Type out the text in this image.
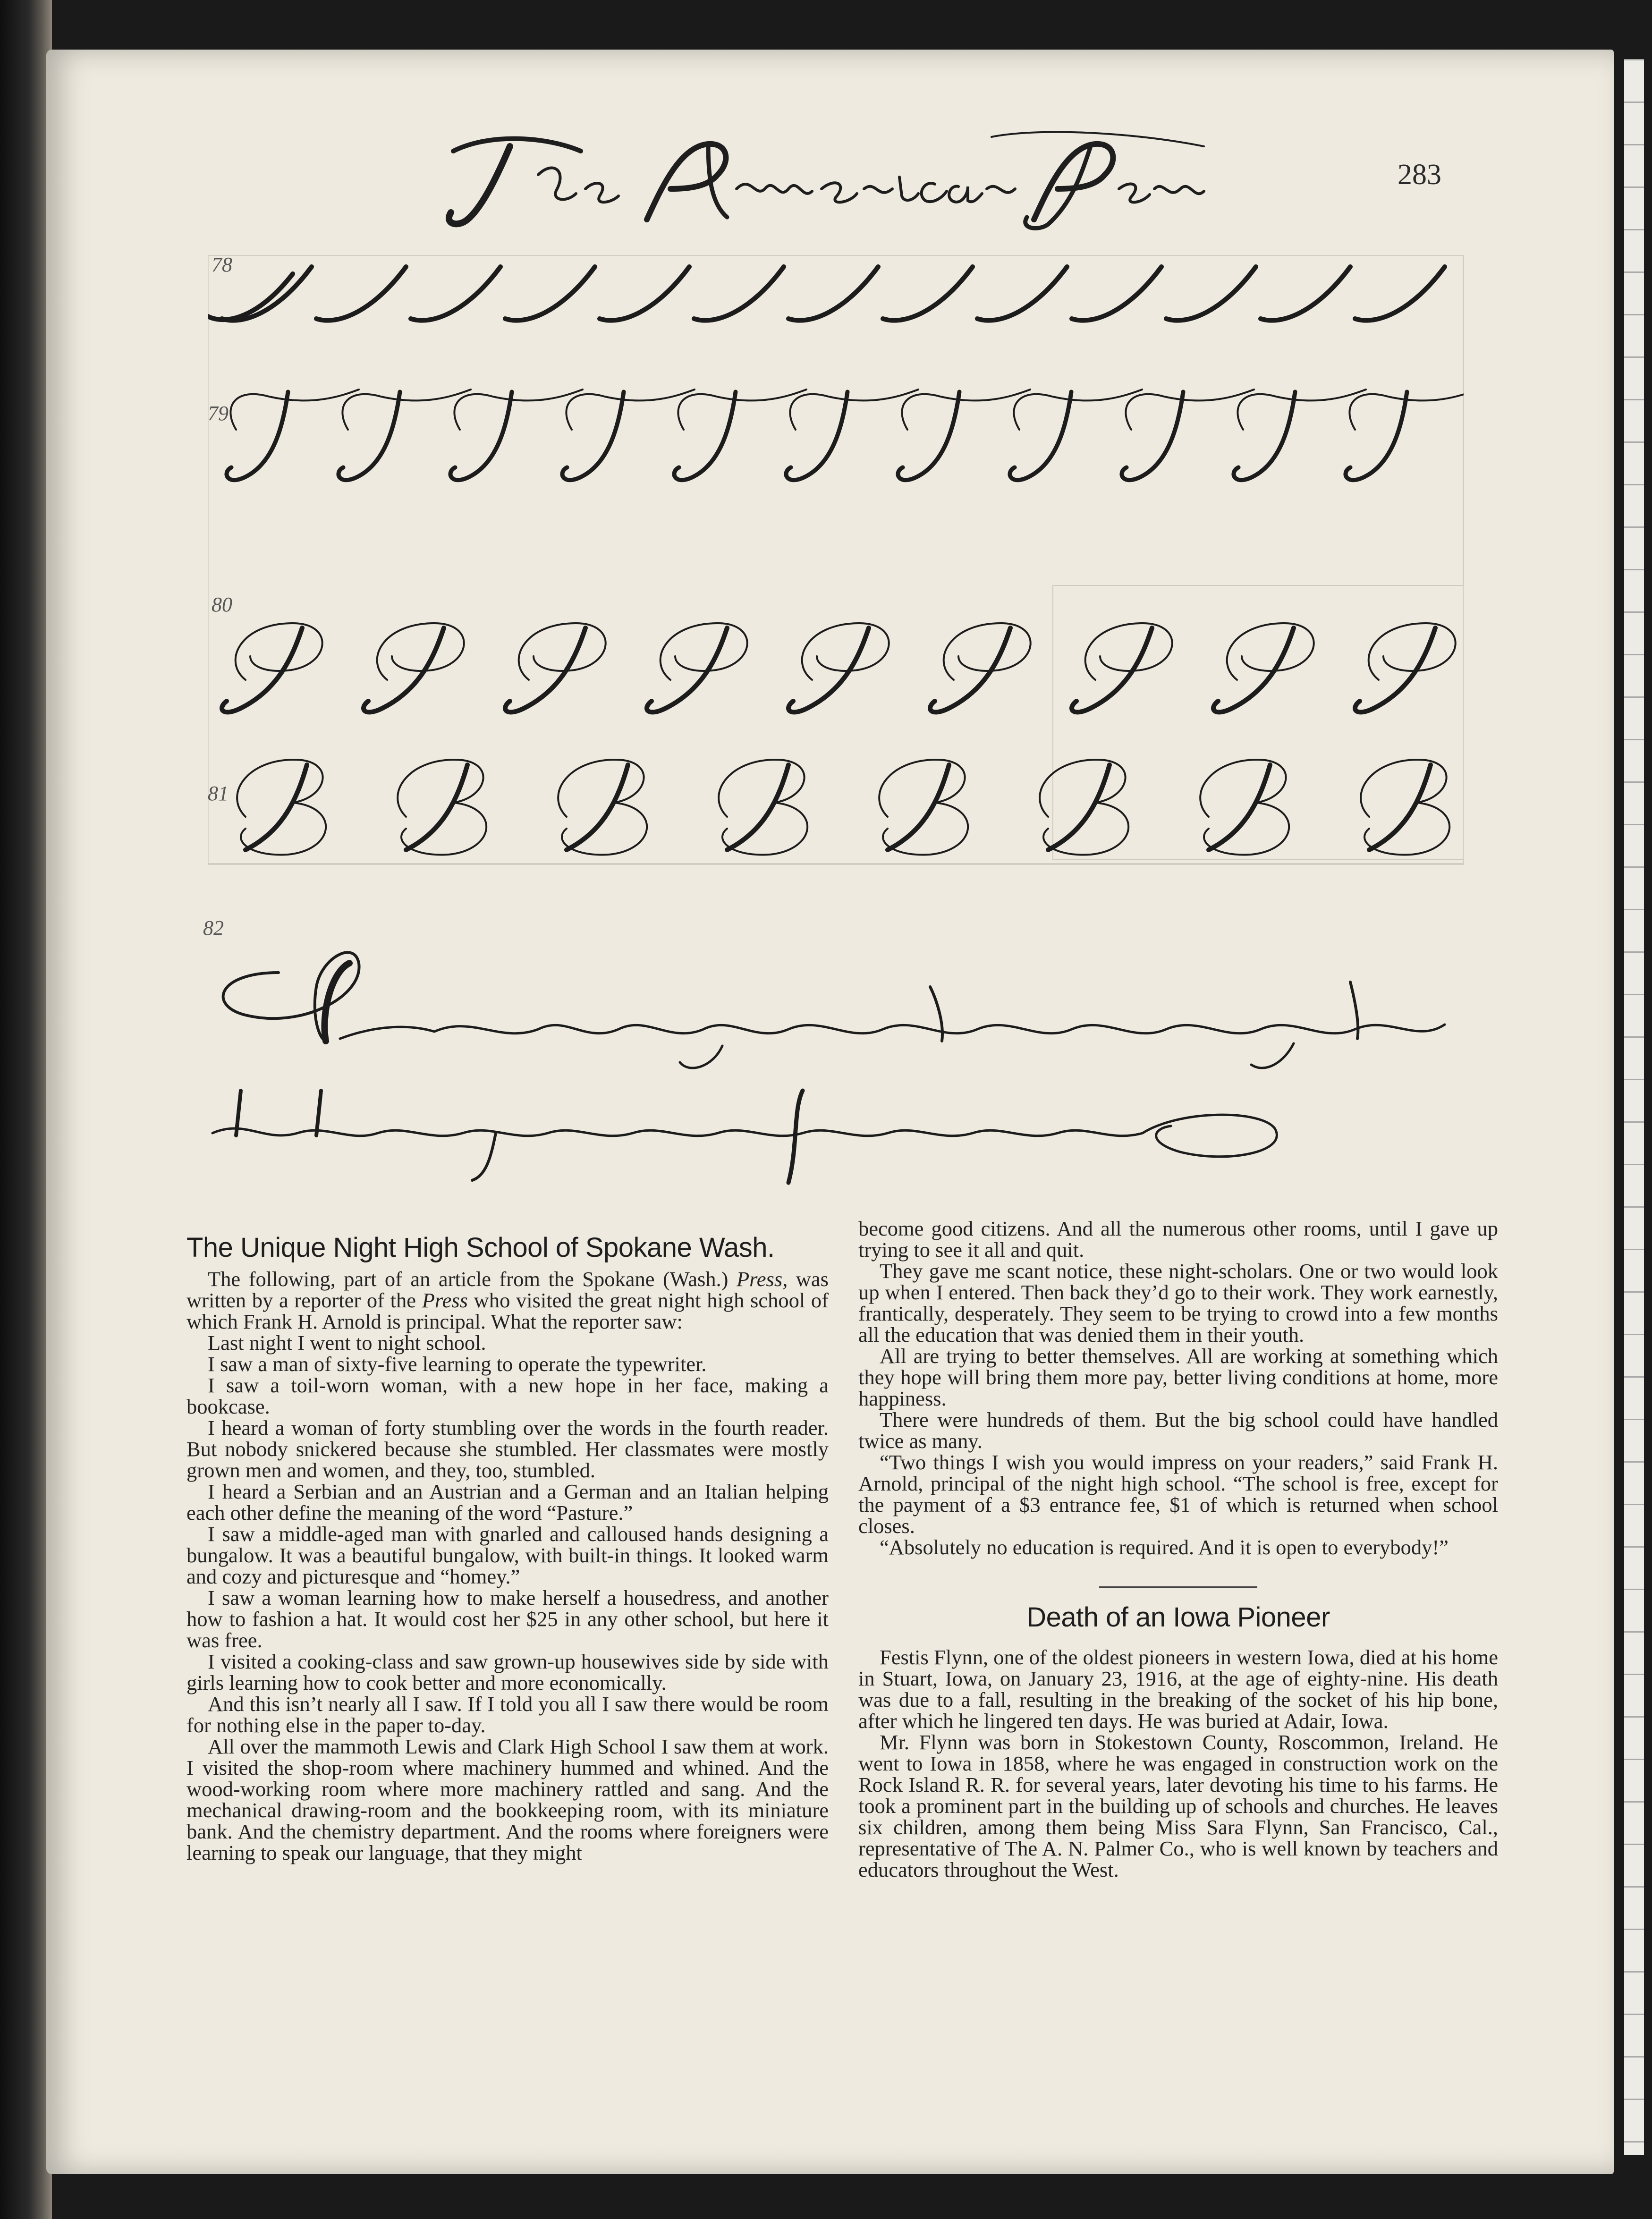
283
78
79
80
81
82
The Unique Night High School of Spokane Wash.

The following, part of an article from the Spokane (Wash.) Press, was written by a reporter of the Press who visited the great night high school of which Frank H. Arnold is principal. What the reporter saw:

Last night I went to night school.

I saw a man of sixty-five learning to operate the typewriter.

I saw a toil-worn woman, with a new hope in her face, making a bookcase.

I heard a woman of forty stumbling over the words in the fourth reader. But nobody snickered because she stumbled. Her classmates were mostly grown men and women, and they, too, stumbled.

I heard a Serbian and an Austrian and a German and an Italian helping each other define the meaning of the word “Pasture.”

I saw a middle-aged man with gnarled and calloused hands designing a bungalow. It was a beautiful bungalow, with built-in things. It looked warm and cozy and picturesque and “homey.”

I saw a woman learning how to make herself a housedress, and another how to fashion a hat. It would cost her $25 in any other school, but here it was free.

I visited a cooking-class and saw grown-up housewives side by side with girls learning how to cook better and more economically.

And this isn’t nearly all I saw. If I told you all I saw there would be room for nothing else in the paper to-day.

All over the mammoth Lewis and Clark High School I saw them at work. I visited the shop-room where machinery hummed and whined. And the wood-working room where more machinery rattled and sang. And the mechanical drawing-room and the bookkeeping room, with its miniature bank. And the chemistry department. And the rooms where foreigners were learning to speak our language, that they might

become good citizens. And all the numerous other rooms, until I gave up trying to see it all and quit.

They gave me scant notice, these night-scholars. One or two would look up when I entered. Then back they’d go to their work. They work earnestly, frantically, desperately. They seem to be trying to crowd into a few months all the education that was denied them in their youth.

All are trying to better themselves. All are working at something which they hope will bring them more pay, better living conditions at home, more happiness.

There were hundreds of them. But the big school could have handled twice as many.

“Two things I wish you would impress on your readers,” said Frank H. Arnold, principal of the night high school. “The school is free, except for the payment of a $3 entrance fee, $1 of which is returned when school closes.

“Absolutely no education is required. And it is open to everybody!”

Death of an Iowa Pioneer

Festis Flynn, one of the oldest pioneers in western Iowa, died at his home in Stuart, Iowa, on January 23, 1916, at the age of eighty-nine. His death was due to a fall, resulting in the breaking of the socket of his hip bone, after which he lingered ten days. He was buried at Adair, Iowa.

Mr. Flynn was born in Stokestown County, Roscommon, Ireland. He went to Iowa in 1858, where he was engaged in construction work on the Rock Island R. R. for several years, later devoting his time to his farms. He took a prominent part in the building up of schools and churches. He leaves six children, among them being Miss Sara Flynn, San Francisco, Cal., representative of The A. N. Palmer Co., who is well known by teachers and educators throughout the West.
